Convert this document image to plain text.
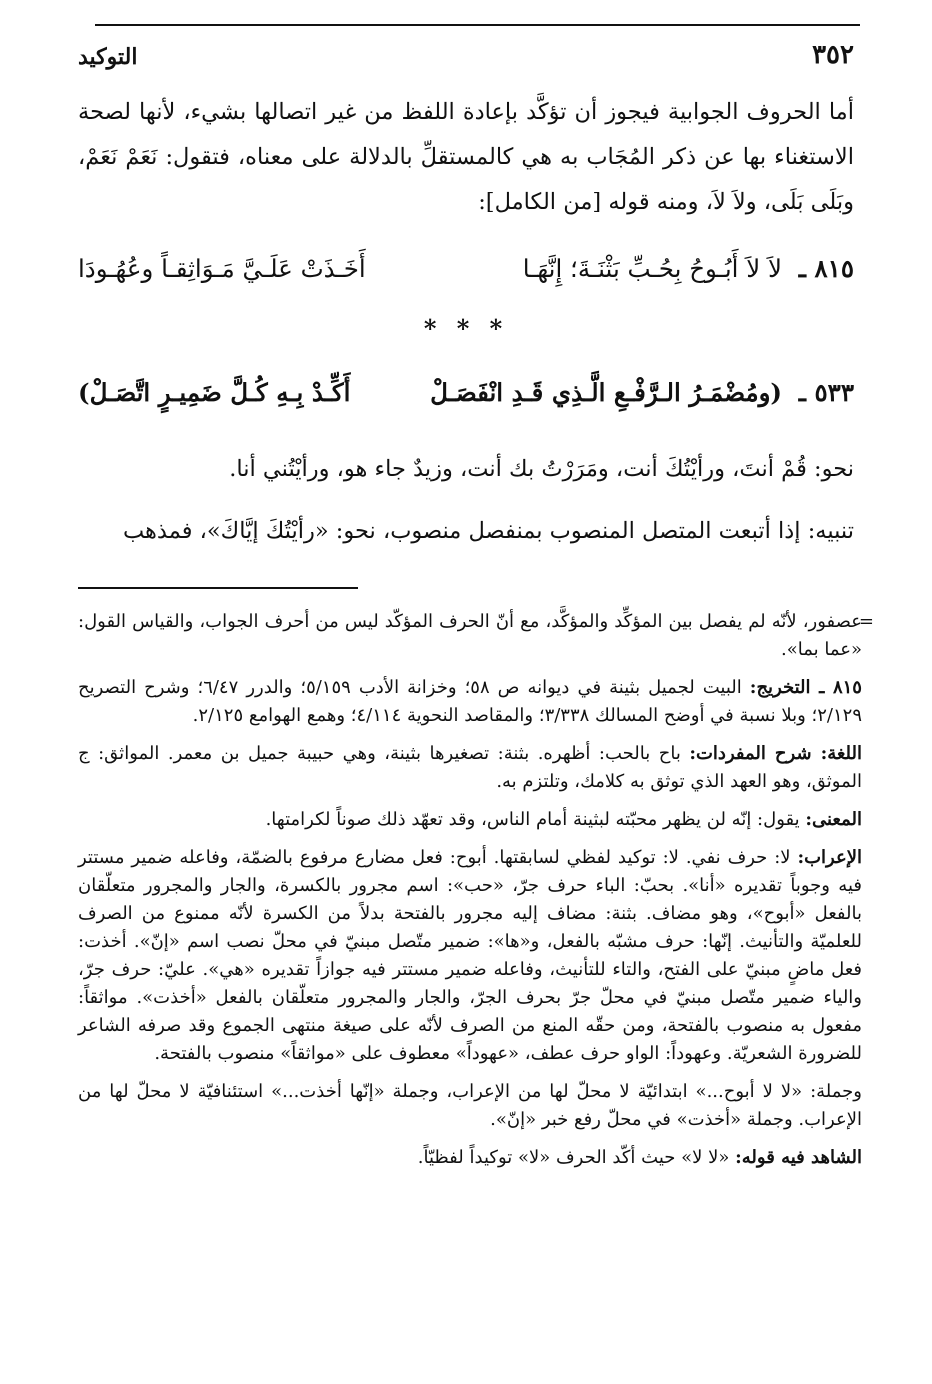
٣٥٢
التوكيد

أما الحروف الجوابية فيجوز أن تؤكَّد بإعادة اللفظ من غير اتصالها بشيء، لأنها لصحة الاستغناء بها عن ذكر المُجَاب به هي كالمستقلِّ بالدلالة على معناه، فتقول: نَعَمْ نَعَمْ، وبَلَى بَلَى، ولاَ لاَ، ومنه قوله [من الكامل]:

٨١٥ ـ
لاَ لاَ أَبُـوحُ بِحُـبِّ بَثْنَـةَ؛ إِنَّهَـا
أَخَـذَتْ عَلَـيَّ مَـوَاثِقـاً وعُهُـودَا
* * *
٥٣٣ ـ
(ومُضْمَـرُ الـرَّفْـعِ الَّـذِي قَـدِ انْفَصَـلْ
أَكِّـدْ بِـهِ كُـلَّ ضَمِيـرٍ اتَّصَـلْ)
نحو: قُمْ أنتَ، ورأيْتُكَ أنت، ومَرَرْتُ بك أنت، وزيدٌ جاء هو، ورأيْتُني أنا.
تنبيه: إذا أتبعت المتصل المنصوب بمنفصل منصوب، نحو: «رأيْتُكَ إيَّاكَ»، فمذهب
=

عصفور، لأنّه لم يفصل بين المؤكِّد والمؤكَّد، مع أنّ الحرف المؤكّد ليس من أحرف الجواب، والقياس القول: «عما بما».

٨١٥ ـ التخريج: البيت لجميل بثينة في ديوانه ص ٥٨؛ وخزانة الأدب ٥/١٥٩؛ والدرر ٦/٤٧؛ وشرح التصريح ٢/١٢٩؛ وبلا نسبة في أوضح المسالك ٣/٣٣٨؛ والمقاصد النحوية ٤/١١٤؛ وهمع الهوامع ٢/١٢٥.

اللغة: شرح المفردات: باح بالحب: أظهره. بثنة: تصغيرها بثينة، وهي حبيبة جميل بن معمر. المواثق: ج الموثق، وهو العهد الذي توثق به كلامك، وتلتزم به.

المعنى: يقول: إنّه لن يظهر محبّته لبثينة أمام الناس، وقد تعهّد ذلك صوناً لكرامتها.

الإعراب: لا: حرف نفي. لا: توكيد لفظي لسابقتها. أبوح: فعل مضارع مرفوع بالضمّة، وفاعله ضمير مستتر فيه وجوباً تقديره «أنا». بحبّ: الباء حرف جرّ، «حب»: اسم مجرور بالكسرة، والجار والمجرور متعلّقان بالفعل «أبوح»، وهو مضاف. بثنة: مضاف إليه مجرور بالفتحة بدلاً من الكسرة لأنّه ممنوع من الصرف للعلميّة والتأنيث. إنّها: حرف مشبّه بالفعل، و«ها»: ضمير متّصل مبنيّ في محلّ نصب اسم «إنّ». أخذت: فعل ماضٍ مبنيّ على الفتح، والتاء للتأنيث، وفاعله ضمير مستتر فيه جوازاً تقديره «هي». عليّ: حرف جرّ، والياء ضمير متّصل مبنيّ في محلّ جرّ بحرف الجرّ، والجار والمجرور متعلّقان بالفعل «أخذت». مواثقاً: مفعول به منصوب بالفتحة، ومن حقّه المنع من الصرف لأنّه على صيغة منتهى الجموع وقد صرفه الشاعر للضرورة الشعريّة. وعهوداً: الواو حرف عطف، «عهوداً» معطوف على «مواثقاً» منصوب بالفتحة.

وجملة: «لا لا أبوح...» ابتدائيّة لا محلّ لها من الإعراب، وجملة «إنّها أخذت...» استئنافيّة لا محلّ لها من الإعراب. وجملة «أخذت» في محلّ رفع خبر «إنّ».

الشاهد فيه قوله: «لا لا» حيث أكّد الحرف «لا» توكيداً لفظيّاً.
